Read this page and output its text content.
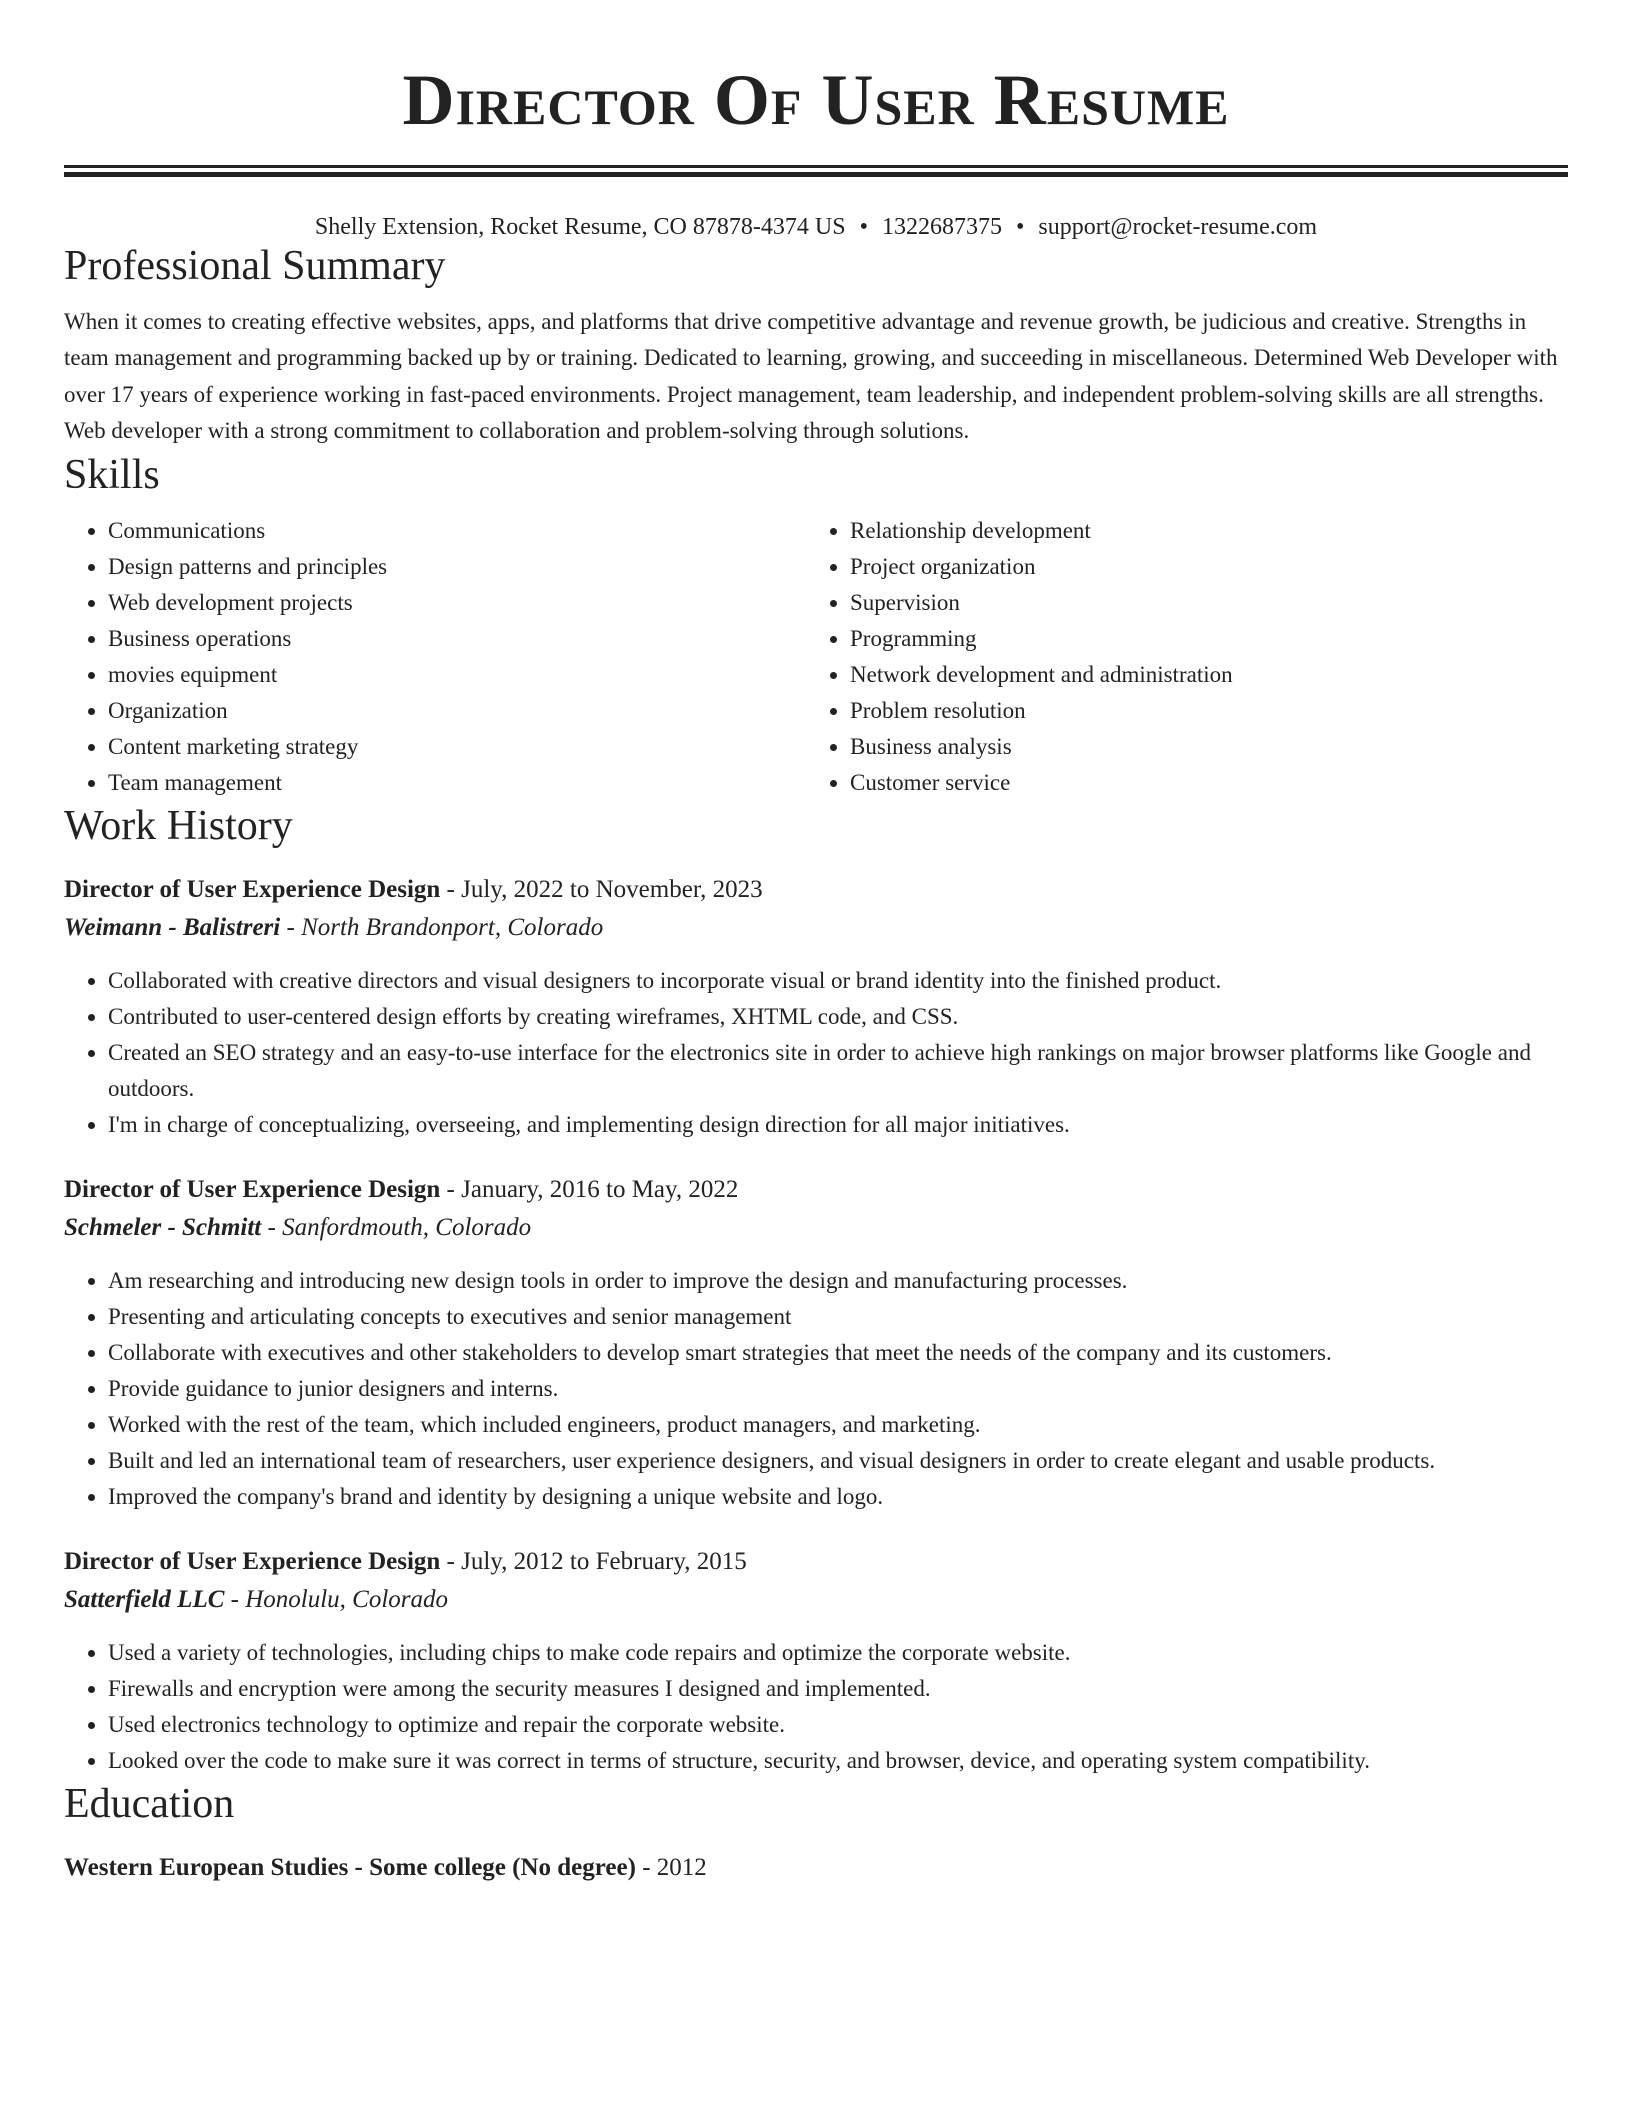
Director Of User Resume
Shelly Extension, Rocket Resume, CO 87878-4374 US • 1322687375 • support@rocket-resume.com
Professional Summary

When it comes to creating effective websites, apps, and platforms that drive competitive advantage and revenue growth, be judicious and creative. Strengths in team management and programming backed up by or training. Dedicated to learning, growing, and succeeding in miscellaneous. Determined Web Developer with over 17 years of experience working in fast-paced environments. Project management, team leadership, and independent problem-solving skills are all strengths. Web developer with a strong commitment to collaboration and problem-solving through solutions.

Skills
• Communications
• Design patterns and principles
• Web development projects
• Business operations
• movies equipment
• Organization
• Content marketing strategy
• Team management
• Relationship development
• Project organization
• Supervision
• Programming
• Network development and administration
• Problem resolution
• Business analysis
• Customer service
Work History
Director of User Experience Design - July, 2022 to November, 2023
Weimann - Balistreri - North Brandonport, Colorado
• Collaborated with creative directors and visual designers to incorporate visual or brand identity into the finished product.
• Contributed to user-centered design efforts by creating wireframes, XHTML code, and CSS.
• Created an SEO strategy and an easy-to-use interface for the electronics site in order to achieve high rankings on major browser platforms like Google and outdoors.
• I'm in charge of conceptualizing, overseeing, and implementing design direction for all major initiatives.
Director of User Experience Design - January, 2016 to May, 2022
Schmeler - Schmitt - Sanfordmouth, Colorado
• Am researching and introducing new design tools in order to improve the design and manufacturing processes.
• Presenting and articulating concepts to executives and senior management
• Collaborate with executives and other stakeholders to develop smart strategies that meet the needs of the company and its customers.
• Provide guidance to junior designers and interns.
• Worked with the rest of the team, which included engineers, product managers, and marketing.
• Built and led an international team of researchers, user experience designers, and visual designers in order to create elegant and usable products.
• Improved the company's brand and identity by designing a unique website and logo.
Director of User Experience Design - July, 2012 to February, 2015
Satterfield LLC - Honolulu, Colorado
• Used a variety of technologies, including chips to make code repairs and optimize the corporate website.
• Firewalls and encryption were among the security measures I designed and implemented.
• Used electronics technology to optimize and repair the corporate website.
• Looked over the code to make sure it was correct in terms of structure, security, and browser, device, and operating system compatibility.
Education
Western European Studies - Some college (No degree) - 2012
